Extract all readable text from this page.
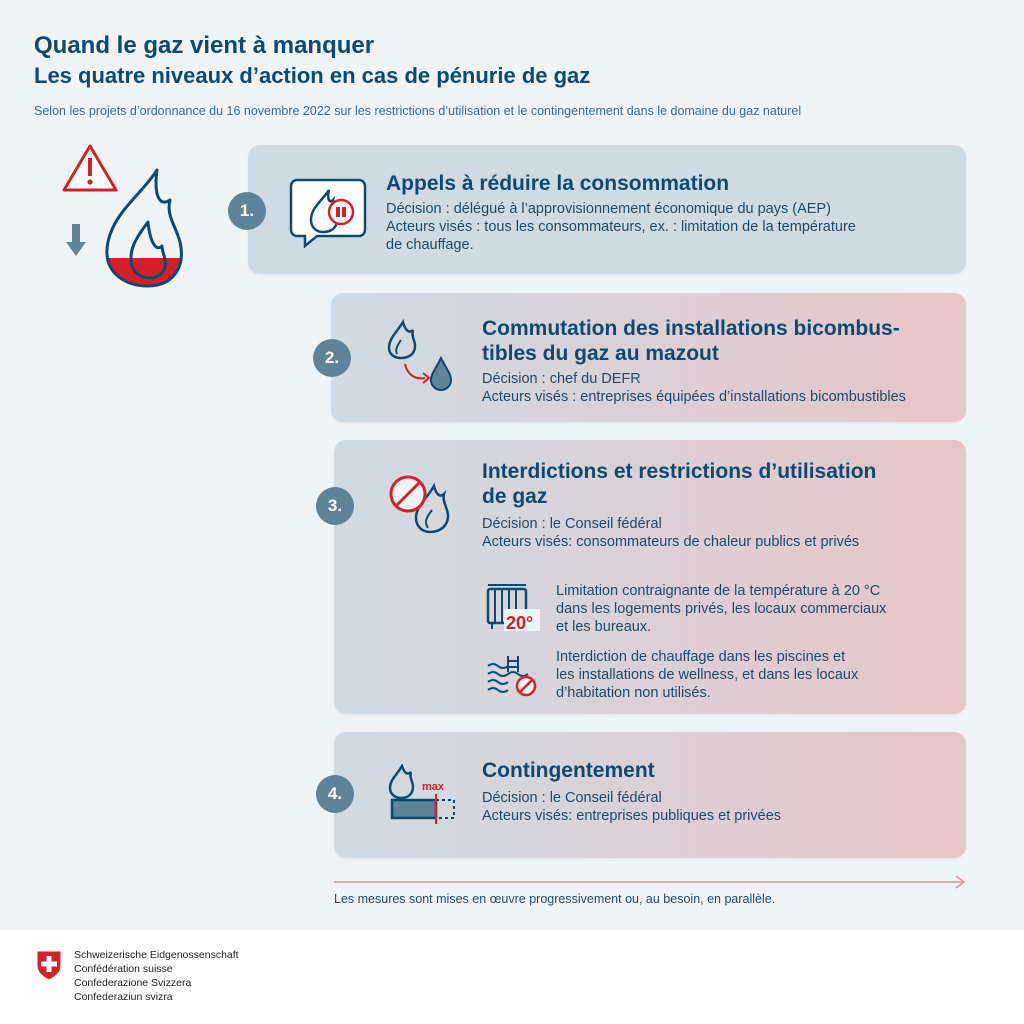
Quand le gaz vient à manquer
Les quatre niveaux d’action en cas de pénurie de gaz
Selon les projets d’ordonnance du 16 novembre 2022 sur les restrictions d’utilisation et le contingentement dans le domaine du gaz naturel
1.
Appels à réduire la consommation
Décision : délégué à l’approvisionnement économique du pays (AEP)
Acteurs visés : tous les consommateurs, ex. : limitation de la température
de chauffage.
2.
Commutation des installations bicombus-
tibles du gaz au mazout
Décision : chef du DEFR
Acteurs visés : entreprises équipées d’installations bicombustibles
3.
Interdictions et restrictions d’utilisation
de gaz
Décision : le Conseil fédéral
Acteurs visés: consommateurs de chaleur publics et privés
20°
Limitation contraignante de la température à 20 °C
dans les logements privés, les locaux commerciaux
et les bureaux.
Interdiction de chauffage dans les piscines et
les installations de wellness, et dans les locaux
d’habitation non utilisés.
4.	max
Contingentement
Décision : le Conseil fédéral
Acteurs visés: entreprises publiques et privées
Les mesures sont mises en œuvre progressivement ou, au besoin, en parallèle.
Schweizerische Eidgenossenschaft
Confédération suisse
Confederazione Svizzera
Confederaziun svizra
